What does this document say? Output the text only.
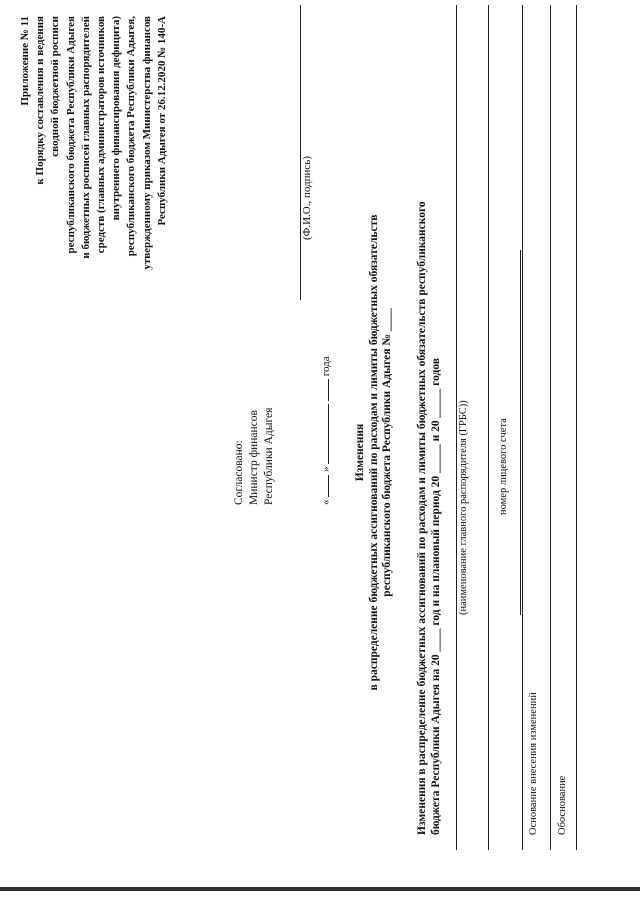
Приложение № 11 к Порядку составления и ведения сводной бюджетной росписи республиканского бюджета Республики Адыгея и бюджетных росписей главных распорядителей средств (главных администраторов источников внутреннего финансирования дефицита) республиканского бюджета Республики Адыгея, утвержденному приказом Министерства финансов Республики Адыгея от 26.12.2020 № 140-А
Согласовано: Министр финансов Республики Адыгея
(Ф.И.О., подпись)
«  »   года
Изменения в распределение бюджетных ассигнований по расходам и лимиты бюджетных обязательств республиканского бюджета Республики Адыгея № ____ Изменения в распределение бюджетных ассигнований по расходам и лимиты бюджетных обязательств республиканского бюджета Республики Адыгея на 20 ____ год и на плановый период 20 _____ и 20 _____ годов (наименование главного распорядителя (ГРБС))	номер лицевого счета
Основание внесения изменений Обоснование
